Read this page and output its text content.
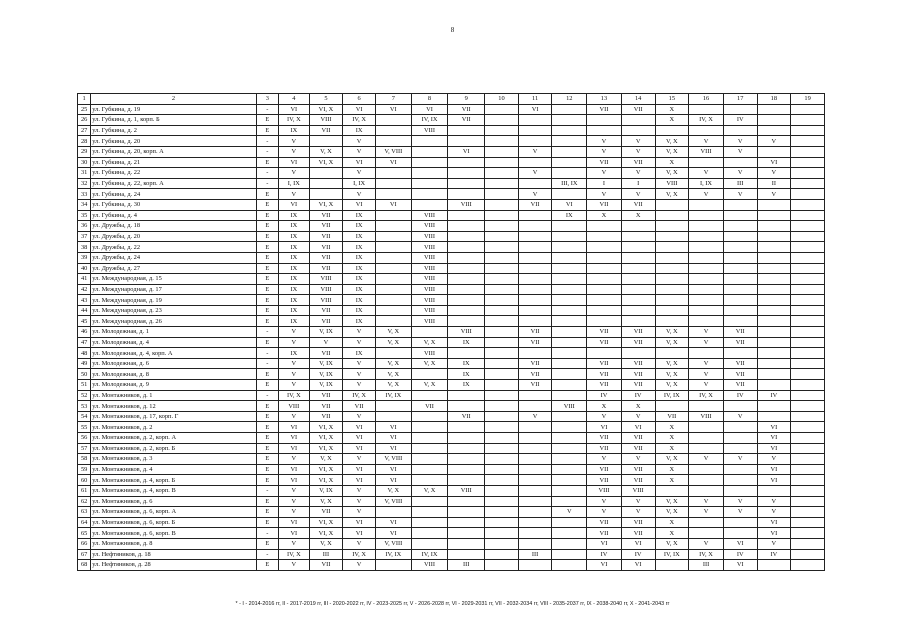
8
1	2	3	4	5	6	7	8	9	10	11	12	13	14	15	16	17	18	19
25	ул. Губкина, д. 19	-	VI	VI, X	VI	VI	VI	VII		VI		VII	VII	X				
26	ул. Губкина, д. 1, корп. Б	Е	IV, X	VIII	IV, X		IV, IX	VII						X	IV, X	IV		
27	ул. Губкина, д. 2	Е	IX	VII	IX		VIII											
28	ул. Губкина, д. 20	-	V		V							V	V	V, X	V	V	V	
29	ул. Губкина, д. 20, корп. А	-	V	V, X	V	V, VIII		VI		V		V	V	V, X	VIII	V		
30	ул. Губкина, д. 21	Е	VI	VI, X	VI	VI						VII	VII	X			VI	
31	ул. Губкина, д. 22	-	V		V					V		V	V	V, X	V	V	V	
32	ул. Губкина, д. 22, корп. А	-	I, IX		I, IX						III, IX	I	I	VIII	I, IX	III	II	
33	ул. Губкина, д. 24	Е	V		V					V		V	V	V, X	V	V	V	
34	ул. Губкина, д. 30	Е	VI	VI, X	VI	VI		VIII		VII	VI	VII	VII					
35	ул. Губкина, д. 4	Е	IX	VII	IX		VIII				IX	X	X					
36	ул. Дружбы, д. 18	Е	IX	VII	IX		VIII											
37	ул. Дружбы, д. 20	Е	IX	VII	IX		VIII											
38	ул. Дружбы, д. 22	Е	IX	VII	IX		VIII											
39	ул. Дружбы, д. 24	Е	IX	VII	IX		VIII											
40	ул. Дружбы, д. 27	Е	IX	VII	IX		VIII											
41	ул. Международная, д. 15	Е	IX	VIII	IX		VIII											
42	ул. Международная, д. 17	Е	IX	VIII	IX		VIII											
43	ул. Международная, д. 19	Е	IX	VIII	IX		VIII											
44	ул. Международная, д. 23	Е	IX	VII	IX		VIII											
45	ул. Международная, д. 26	Е	IX	VII	IX		VIII											
46	ул. Молодежная, д. 1	-	V	V, IX	V	V, X		VIII		VII		VII	VII	V, X	V	VII		
47	ул. Молодежная, д. 4	Е	V	V	V	V, X	V, X	IX		VII		VII	VII	V, X	V	VII		
48	ул. Молодежная, д. 4, корп. А	-	IX	VII	IX		VIII											
49	ул. Молодежная, д. 6	-	V	V, IX	V	V, X	V, X	IX		VII		VII	VII	V, X	V	VII		
50	ул. Молодежная, д. 8	Е	V	V, IX	V	V, X		IX		VII		VII	VII	V, X	V	VII		
51	ул. Молодежная, д. 9	Е	V	V, IX	V	V, X	V, X	IX		VII		VII	VII	V, X	V	VII		
52	ул. Монтажников, д. 1	-	IV, X	VII	IV, X	IV, IX						IV	IV	IV, IX	IV, X	IV	IV	
53	ул. Монтажников, д. 12	Е	VIII	VII	VII		VII				VIII	X	X					
54	ул. Монтажников, д. 17, корп. Г	Е	V	VII	V			VII		V		V	V	VII	VIII	V		
55	ул. Монтажников, д. 2	Е	VI	VI, X	VI	VI						VI	VI	X			VI	
56	ул. Монтажников, д. 2, корп. А	Е	VI	VI, X	VI	VI						VII	VII	X			VI	
57	ул. Монтажников, д. 2, корп. Б	Е	VI	VI, X	VI	VI						VII	VII	X			VI	
58	ул. Монтажников, д. 3	Е	V	V, X	V	V, VIII						V	V	V, X	V	V	V	
59	ул. Монтажников, д. 4	Е	VI	VI, X	VI	VI						VII	VII	X			VI	
60	ул. Монтажников, д. 4, корп. Б	Е	VI	VI, X	VI	VI						VII	VII	X			VI	
61	ул. Монтажников, д. 4, корп. В	-	V	V, IX	V	V, X	V, X	VIII				VIII	VIII					
62	ул. Монтажников, д. 6	Е	V	V, X	V	V, VIII						V	V	V, X	V	V	V	
63	ул. Монтажников, д. 6, корп. А	Е	V	VII	V						V	V	V	V, X	V	V	V	
64	ул. Монтажников, д. 6, корп. Б	Е	VI	VI, X	VI	VI						VII	VII	X			VI	
65	ул. Монтажников, д. 6, корп. В	-	VI	VI, X	VI	VI						VII	VII	X			VI	
66	ул. Монтажников, д. 8	Е	V	V, X	V	V, VIII						VI	VI	V, X	V	VI	V	
67	ул. Нефтяников, д. 18	-	IV, X	III	IV, X	IV, IX	IV, IX			III		IV	IV	IV, IX	IV, X	IV	IV	
68	ул. Нефтяников, д. 28	Е	V	VII	V		VIII	III				VI	VI		III	VI		
* - I - 2014-2016 гг, II - 2017-2019 гг, III - 2020-2022 гг, IV - 2023-2025 гг, V - 2026-2028 гг, VI - 2029-2031 гг, VII - 2032-2034 гг, VIII - 2035-2037 гг, IX - 2038-2040 гг, X - 2041-2043 гг
